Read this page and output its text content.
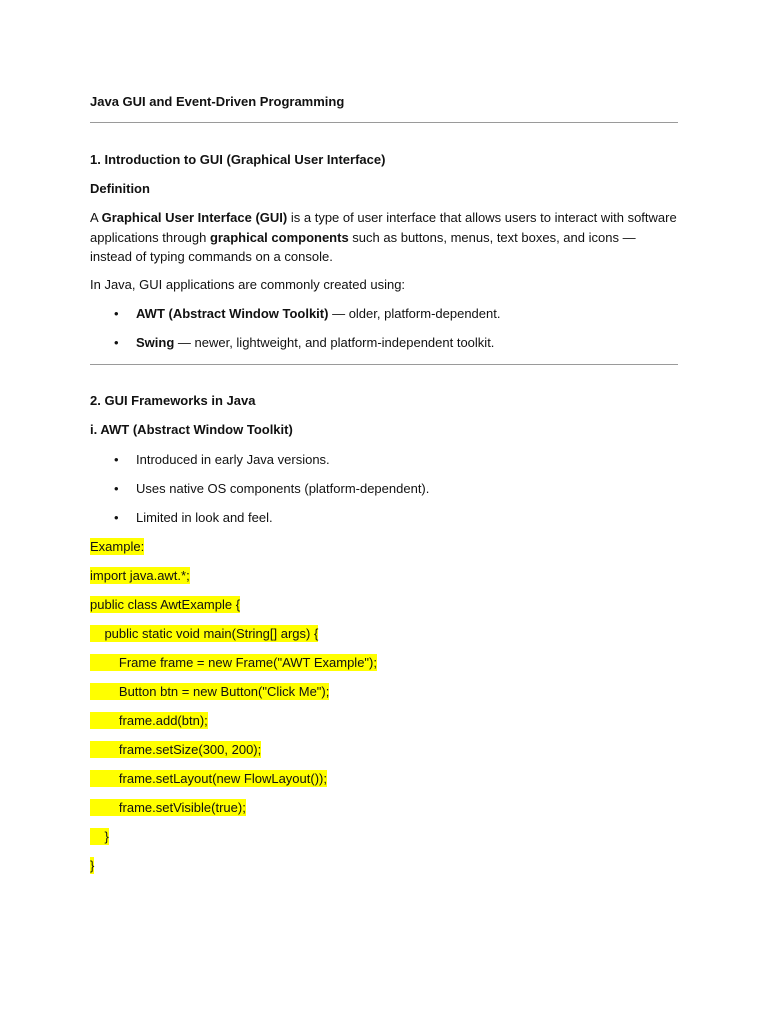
Java GUI and Event-Driven Programming
1. Introduction to GUI (Graphical User Interface)
Definition
A Graphical User Interface (GUI) is a type of user interface that allows users to interact with software applications through graphical components such as buttons, menus, text boxes, and icons — instead of typing commands on a console.
In Java, GUI applications are commonly created using:
• AWT (Abstract Window Toolkit) — older, platform-dependent.
• Swing — newer, lightweight, and platform-independent toolkit.
2. GUI Frameworks in Java
i. AWT (Abstract Window Toolkit)
• Introduced in early Java versions.
• Uses native OS components (platform-dependent).
• Limited in look and feel.
Example:
import java.awt.*;
public class AwtExample {
public static void main(String[] args) {
Frame frame = new Frame("AWT Example");
Button btn = new Button("Click Me");
frame.add(btn);
frame.setSize(300, 200);
frame.setLayout(new FlowLayout());
frame.setVisible(true);
}
}
